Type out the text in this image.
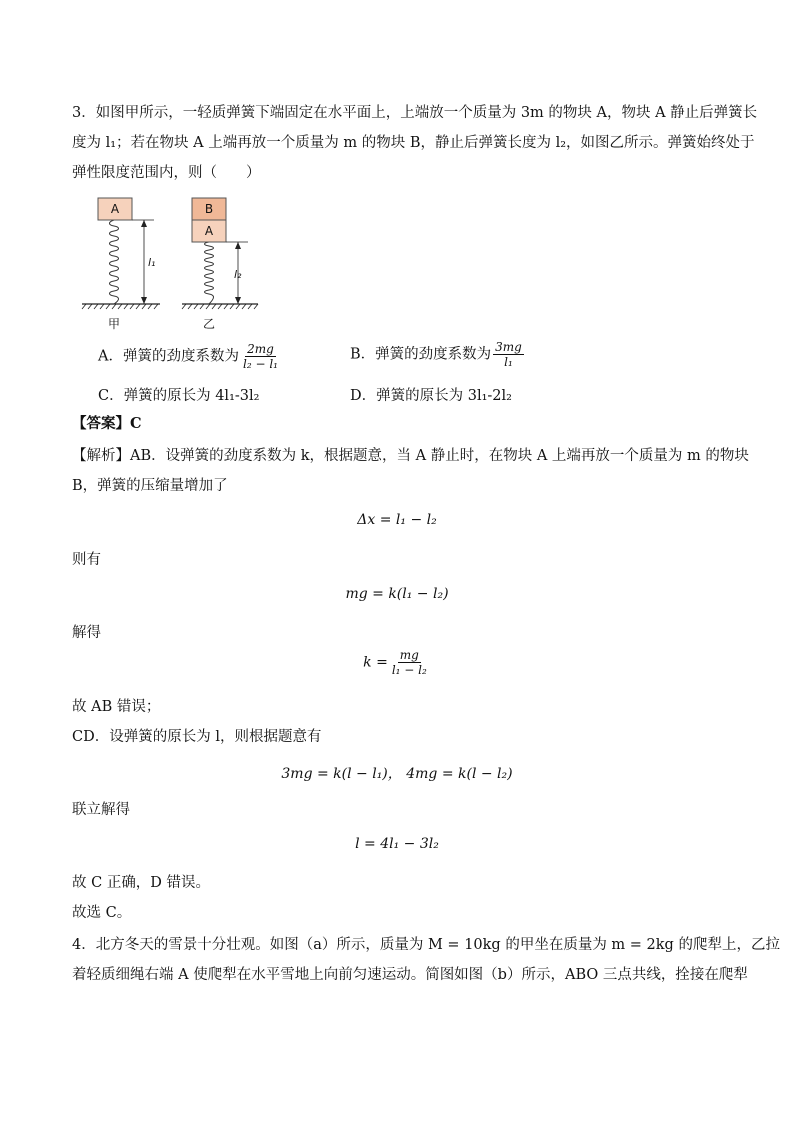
3．如图甲所示，一轻质弹簧下端固定在水平面上，上端放一个质量为 3m 的物块 A，物块 A 静止后弹簧长
度为 l₁；若在物块 A 上端再放一个质量为 m 的物块 B，静止后弹簧长度为 l₂，如图乙所示。弹簧始终处于
弹性限度范围内，则（　　）
A
l₁
B
A
l₂
甲	乙
A．弹簧的劲度系数为 $\frac{2mg}{\text{l₂ − l₁}}$	B．弹簧的劲度系数为 $\frac{3mg}{\text{l₁}}$
C．弹簧的原长为 4l₁-3l₂	D．弹簧的原长为 3l₁-2l₂
【答案】C
【解析】AB．设弹簧的劲度系数为 k，根据题意，当 A 静止时，在物块 A 上端再放一个质量为 m 的物块
B，弹簧的压缩量增加了
Δx = l₁ − l₂
则有
mg = k(l₁ − l₂)
解得
$k = \frac{mg}{\text{l₁ − l₂}}$
故 AB 错误；
CD．设弹簧的原长为 l，则根据题意有
3mg = k(l − l₁)， 4mg = k(l − l₂)
联立解得
l = 4l₁ − 3l₂
故 C 正确，D 错误。
故选 C。
4．北方冬天的雪景十分壮观。如图（a）所示，质量为 M = 10kg 的甲坐在质量为 m = 2kg 的爬犁上，乙拉
着轻质细绳右端 A 使爬犁在水平雪地上向前匀速运动。简图如图（b）所示，ABO 三点共线，拴接在爬犁
